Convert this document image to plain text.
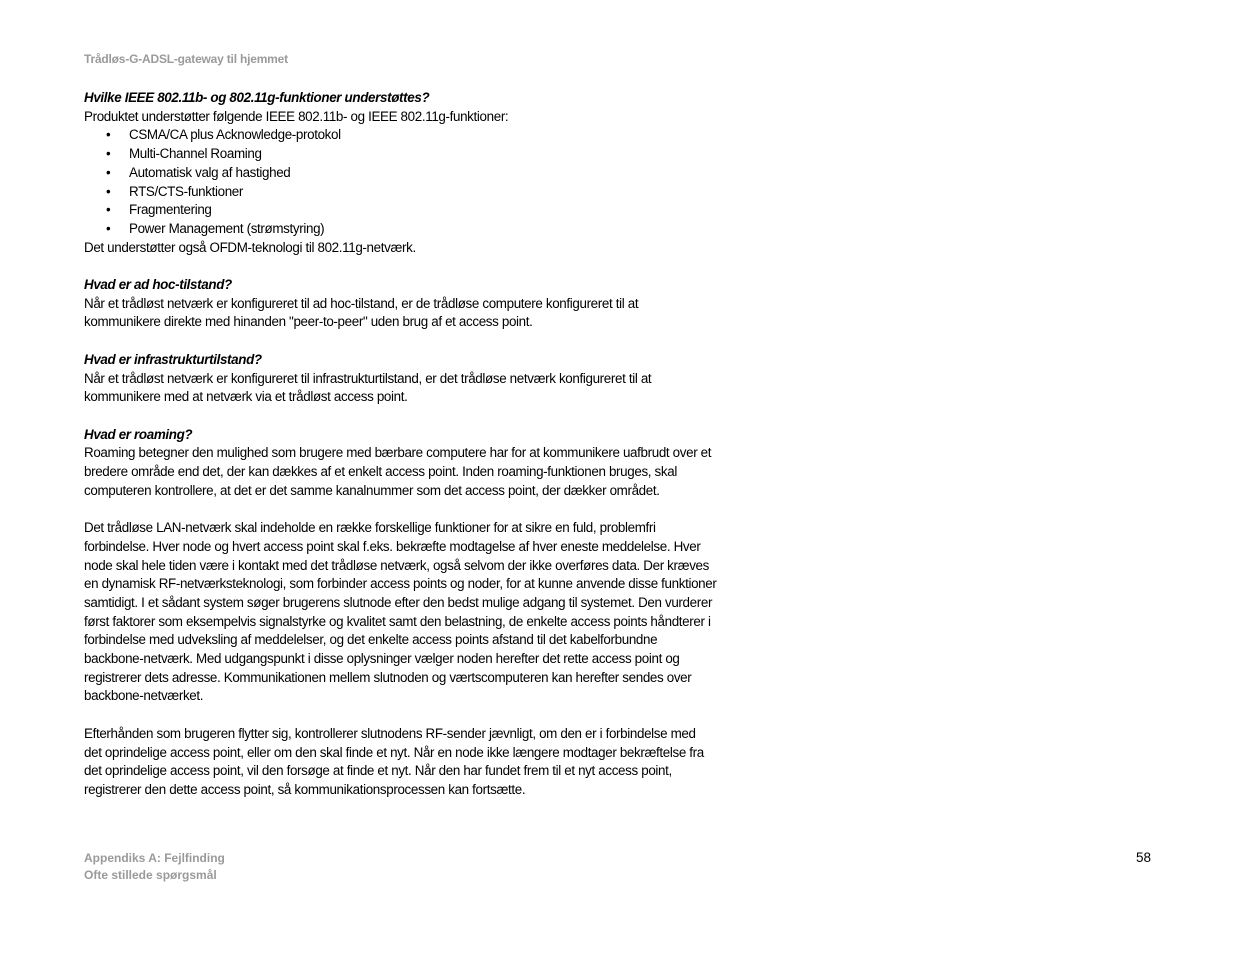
Trådløs-G-ADSL-gateway til hjemmet

Hvilke IEEE 802.11b- og 802.11g-funktioner understøttes?

Produktet understøtter følgende IEEE 802.11b- og IEEE 802.11g-funktioner:

• CSMA/CA plus Acknowledge-protokol
• Multi-Channel Roaming
• Automatisk valg af hastighed
• RTS/CTS-funktioner
• Fragmentering
• Power Management (strømstyring)

Det understøtter også OFDM-teknologi til 802.11g-netværk.

Hvad er ad hoc-tilstand?

Når et trådløst netværk er konfigureret til ad hoc-tilstand, er de trådløse computere konfigureret til at

kommunikere direkte med hinanden "peer-to-peer" uden brug af et access point.

Hvad er infrastrukturtilstand?

Når et trådløst netværk er konfigureret til infrastrukturtilstand, er det trådløse netværk konfigureret til at

kommunikere med at netværk via et trådløst access point.

Hvad er roaming?

Roaming betegner den mulighed som brugere med bærbare computere har for at kommunikere uafbrudt over et

bredere område end det, der kan dækkes af et enkelt access point. Inden roaming-funktionen bruges, skal

computeren kontrollere, at det er det samme kanalnummer som det access point, der dækker området.

Det trådløse LAN-netværk skal indeholde en række forskellige funktioner for at sikre en fuld, problemfri

forbindelse. Hver node og hvert access point skal f.eks. bekræfte modtagelse af hver eneste meddelelse. Hver

node skal hele tiden være i kontakt med det trådløse netværk, også selvom der ikke overføres data. Der kræves

en dynamisk RF-netværksteknologi, som forbinder access points og noder, for at kunne anvende disse funktioner

samtidigt. I et sådant system søger brugerens slutnode efter den bedst mulige adgang til systemet. Den vurderer

først faktorer som eksempelvis signalstyrke og kvalitet samt den belastning, de enkelte access points håndterer i

forbindelse med udveksling af meddelelser, og det enkelte access points afstand til det kabelforbundne

backbone-netværk. Med udgangspunkt i disse oplysninger vælger noden herefter det rette access point og

registrerer dets adresse. Kommunikationen mellem slutnoden og værtscomputeren kan herefter sendes over

backbone-netværket.

Efterhånden som brugeren flytter sig, kontrollerer slutnodens RF-sender jævnligt, om den er i forbindelse med

det oprindelige access point, eller om den skal finde et nyt. Når en node ikke længere modtager bekræftelse fra

det oprindelige access point, vil den forsøge at finde et nyt. Når den har fundet frem til et nyt access point,

registrerer den dette access point, så kommunikationsprocessen kan fortsætte.

Appendiks A: Fejlfinding
Ofte stillede spørgsmål
58
